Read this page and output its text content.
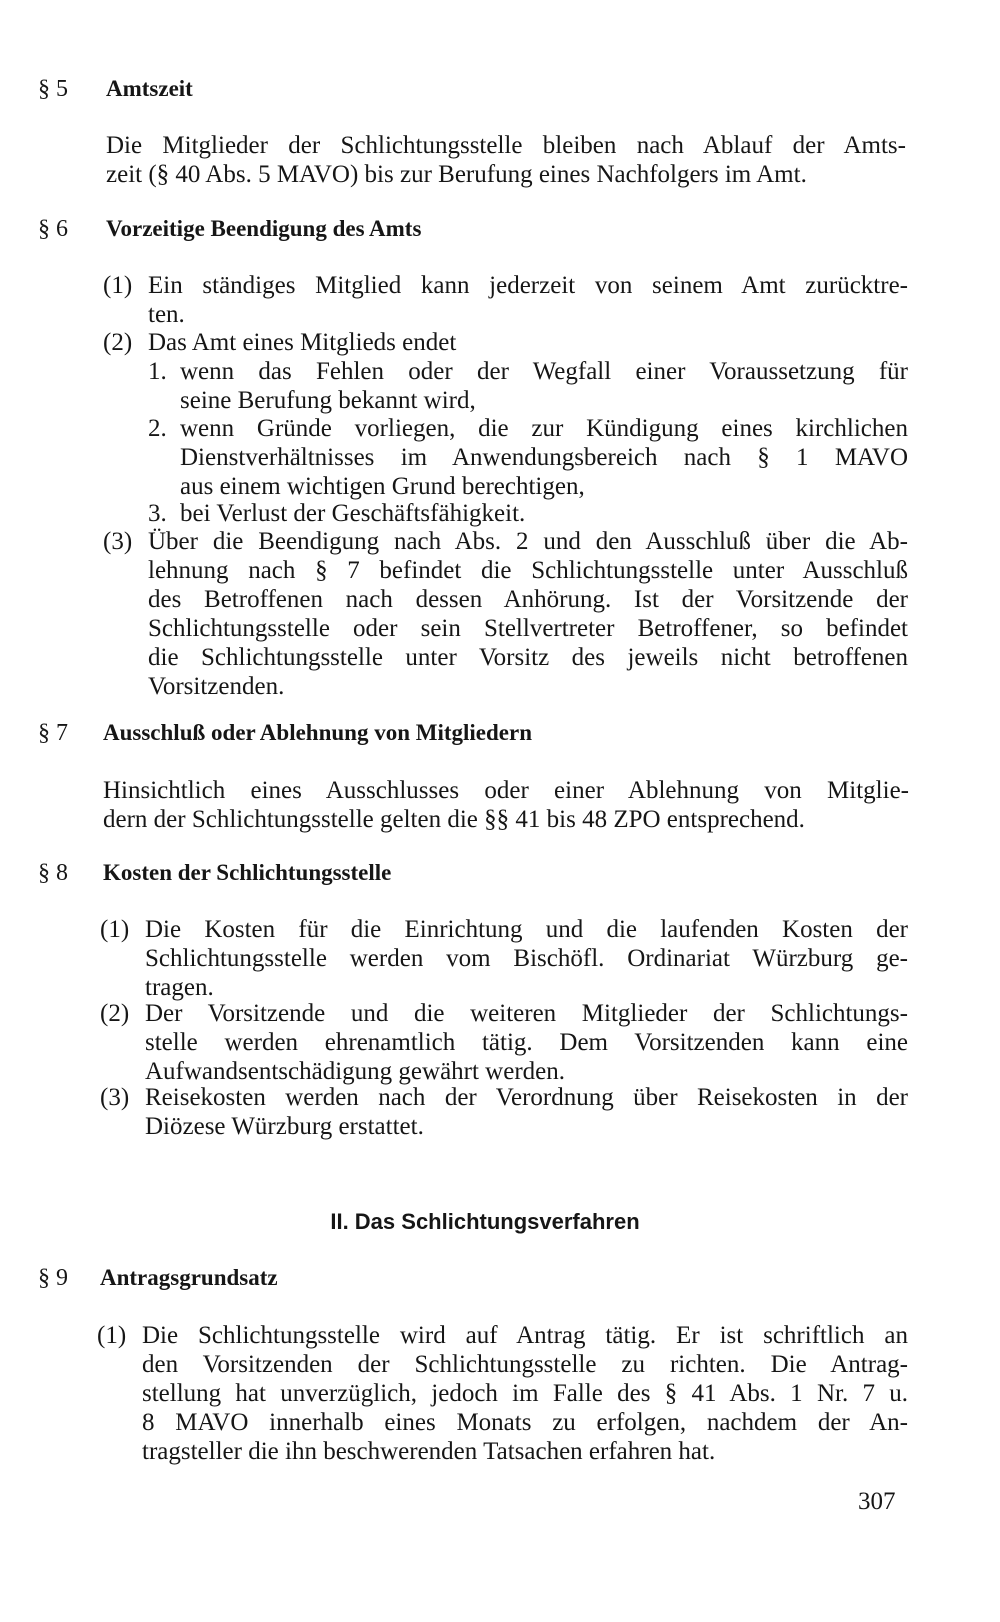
§ 5 Amtszeit
Die Mitglieder der Schlichtungsstelle bleiben nach Ablauf der Amts-
zeit (§ 40 Abs. 5 MAVO) bis zur Berufung eines Nachfolgers im Amt.
§ 6 Vorzeitige Beendigung des Amts
(1) Ein ständiges Mitglied kann jederzeit von seinem Amt zurücktre-
ten.
(2) Das Amt eines Mitglieds endet
1. wenn das Fehlen oder der Wegfall einer Voraussetzung für
seine Berufung bekannt wird,
2. wenn Gründe vorliegen, die zur Kündigung eines kirchlichen
Dienstverhältnisses im Anwendungsbereich nach § 1 MAVO
aus einem wichtigen Grund berechtigen,
3. bei Verlust der Geschäftsfähigkeit.
(3) Über die Beendigung nach Abs. 2 und den Ausschluß über die Ab-
lehnung nach § 7 befindet die Schlichtungsstelle unter Ausschluß
des Betroffenen nach dessen Anhörung. Ist der Vorsitzende der
Schlichtungsstelle oder sein Stellvertreter Betroffener, so befindet
die Schlichtungsstelle unter Vorsitz des jeweils nicht betroffenen
Vorsitzenden.
§ 7 Ausschluß oder Ablehnung von Mitgliedern
Hinsichtlich eines Ausschlusses oder einer Ablehnung von Mitglie-
dern der Schlichtungsstelle gelten die §§ 41 bis 48 ZPO entsprechend.
§ 8 Kosten der Schlichtungsstelle
(1) Die Kosten für die Einrichtung und die laufenden Kosten der
Schlichtungsstelle werden vom Bischöfl. Ordinariat Würzburg ge-
tragen.
(2) Der Vorsitzende und die weiteren Mitglieder der Schlichtungs-
stelle werden ehrenamtlich tätig. Dem Vorsitzenden kann eine
Aufwandsentschädigung gewährt werden.
(3) Reisekosten werden nach der Verordnung über Reisekosten in der
Diözese Würzburg erstattet.
II. Das Schlichtungsverfahren
§ 9 Antragsgrundsatz
(1) Die Schlichtungsstelle wird auf Antrag tätig. Er ist schriftlich an
den Vorsitzenden der Schlichtungsstelle zu richten. Die Antrag-
stellung hat unverzüglich, jedoch im Falle des § 41 Abs. 1 Nr. 7 u.
8 MAVO innerhalb eines Monats zu erfolgen, nachdem der An-
tragsteller die ihn beschwerenden Tatsachen erfahren hat.
307
